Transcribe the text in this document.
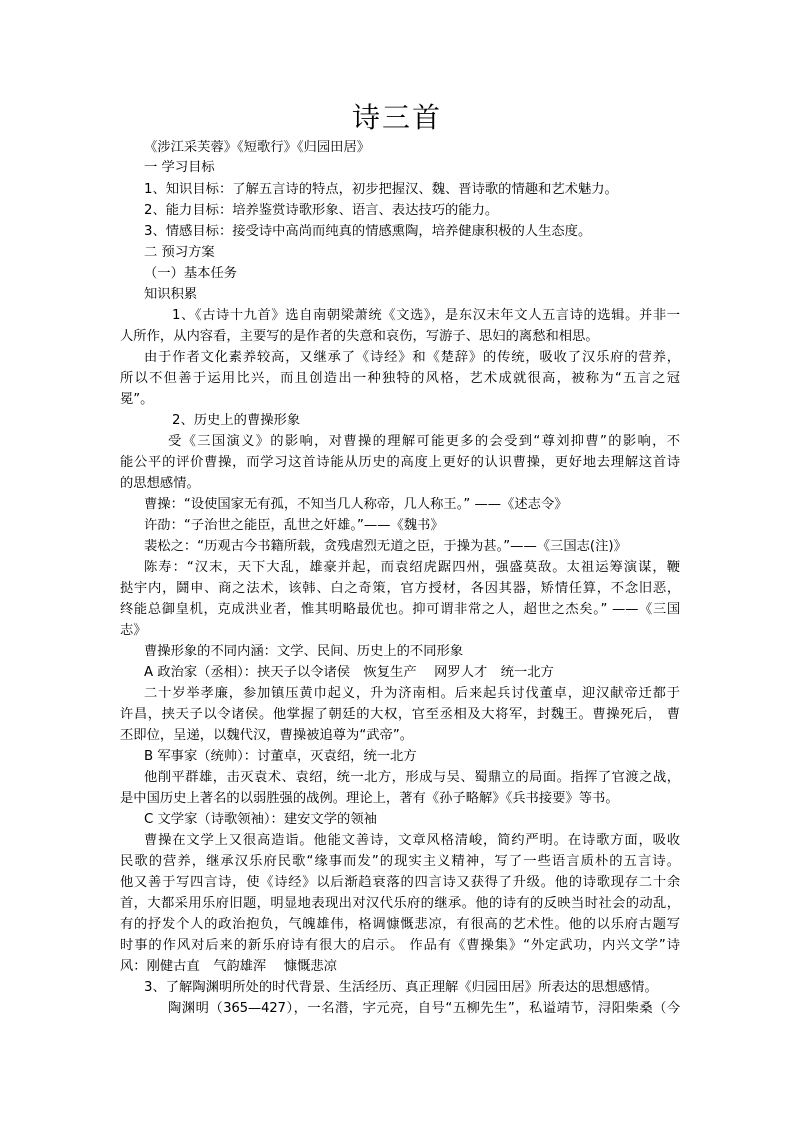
诗三首
《涉江采芙蓉》《短歌行》《归园田居》
一 学习目标
1、知识目标：了解五言诗的特点，初步把握汉、魏、晋诗歌的情趣和艺术魅力。
2、能力目标：培养鉴赏诗歌形象、语言、表达技巧的能力。
3、情感目标：接受诗中高尚而纯真的情感熏陶，培养健康积极的人生态度。
二 预习方案
（一）基本任务
知识积累
1、《古诗十九首》选自南朝梁萧统《文选》，是东汉末年文人五言诗的选辑。并非一
人所作，从内容看，主要写的是作者的失意和哀伤，写游子、思妇的离愁和相思。
由于作者文化素养较高，又继承了《诗经》和《楚辞》的传统，吸收了汉乐府的营养，
所以不但善于运用比兴，而且创造出一种独特的风格，艺术成就很高，被称为“五言之冠
冕”。
2、历史上的曹操形象
受《三国演义》的影响，对曹操的理解可能更多的会受到“尊刘抑曹”的影响，不
能公平的评价曹操，而学习这首诗能从历史的高度上更好的认识曹操，更好地去理解这首诗
的思想感情。
曹操：“设使国家无有孤，不知当几人称帝，几人称王。” ——《述志令》
许劭：“子治世之能臣，乱世之奸雄。”——《魏书》
裴松之：“历观古今书籍所载，贪残虐烈无道之臣，于操为甚。”——《三国志(注)》
陈寿：“汉末，天下大乱，雄豪并起，而袁绍虎踞四州，强盛莫敌。太祖运筹演谋，鞭
挞宇内，鬪申、商之法术，该韩、白之奇策，官方授材，各因其器，矫情任算，不念旧恶，
终能总御皇机，克成洪业者，惟其明略最优也。抑可谓非常之人，超世之杰矣。” ——《三国
志》
曹操形象的不同内涵：文学、民间、历史上的不同形象
A 政治家（丞相）：挟天子以令诸侯　恢复生产　 网罗人才　统一北方
二十岁举孝廉，参加镇压黄巾起义，升为济南相。后来起兵讨伐董卓，迎汉献帝迁都于
许昌，挟天子以令诸侯。他掌握了朝廷的大权，官至丞相及大将军，封魏王。曹操死后， 曹
丕即位，呈递，以魏代汉，曹操被追尊为“武帝”。
B 军事家（统帅）：讨董卓，灭袁绍，统一北方
他削平群雄，击灭袁术、袁绍，统一北方，形成与吴、蜀鼎立的局面。指挥了官渡之战，
是中国历史上著名的以弱胜强的战例。理论上，著有《孙子略解》《兵书接要》等书。
C 文学家（诗歌领袖）：建安文学的领袖
曹操在文学上又很高造诣。他能文善诗，文章风格清峻，简约严明。在诗歌方面，吸收
民歌的营养，继承汉乐府民歌“缘事而发”的现实主义精神，写了一些语言质朴的五言诗。
他又善于写四言诗，使《诗经》以后渐趋衰落的四言诗又获得了升级。他的诗歌现存二十余
首，大都采用乐府旧题，明显地表现出对汉代乐府的继承。他的诗有的反映当时社会的动乱，
有的抒发个人的政治抱负，气魄雄伟，格调慷慨悲凉，有很高的艺术性。他的以乐府古题写
时事的作风对后来的新乐府诗有很大的启示。 作品有《曹操集》“外定武功，内兴文学”诗
风：刚健古直　气韵雄浑　 慷慨悲凉
3、了解陶渊明所处的时代背景、生活经历、真正理解《归园田居》所表达的思想感情。
陶渊明（365—427），一名潜，字元亮，自号“五柳先生”，私谥靖节，浔阳柴桑（今
